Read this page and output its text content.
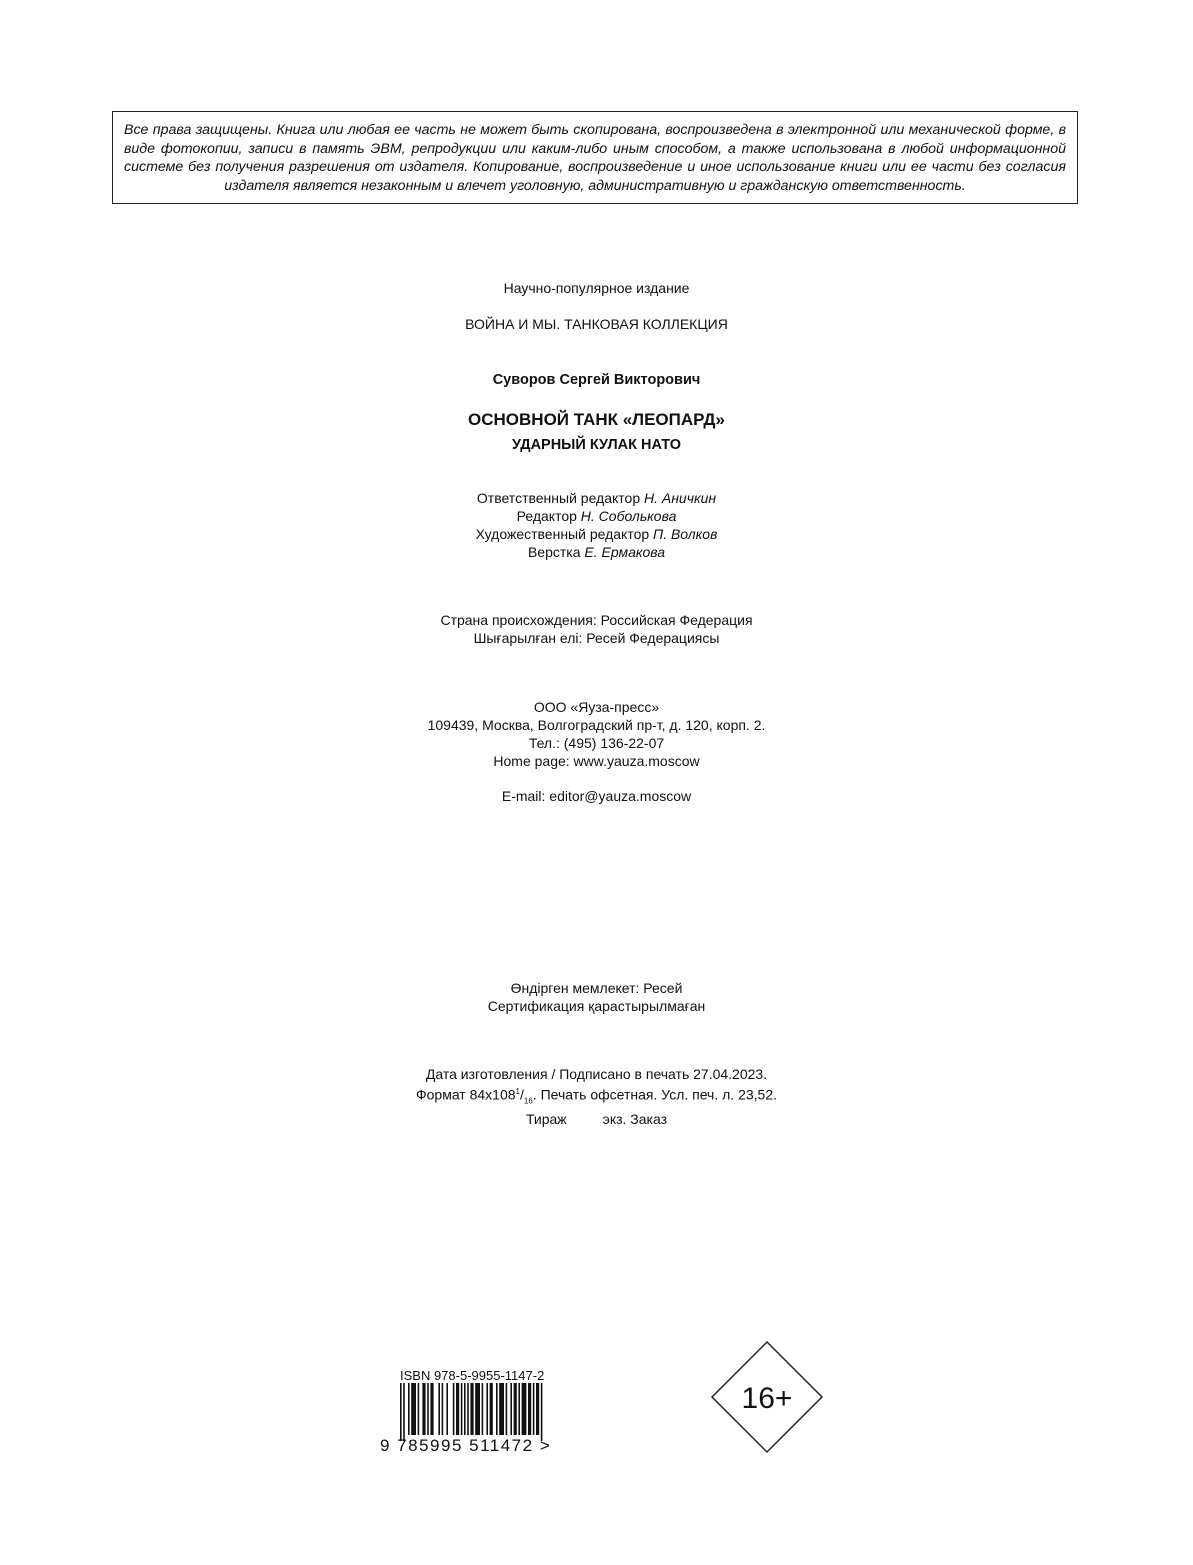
Все права защищены. Книга или любая ее часть не может быть скопирована, воспроизведена в электронной или механической форме, в виде фотокопии, записи в память ЭВМ, репродукции или каким-либо иным способом, а также использована в любой информационной системе без получения разрешения от издателя. Копирование, воспроизведение и иное использование книги или ее части без согласия издателя является незаконным и влечет уголовную, административную и гражданскую ответственность.

Научно-популярное издание
ВОЙНА И МЫ. ТАНКОВАЯ КОЛЛЕКЦИЯ
Суворов Сергей Викторович
ОСНОВНОЙ ТАНК «ЛЕОПАРД»
УДАРНЫЙ КУЛАК НАТО
Ответственный редактор Н. Аничкин
Редактор Н. Соболькова
Художественный редактор П. Волков
Верстка Е. Ермакова
Страна происхождения: Российская Федерация
Шығарылған елі: Ресей Федерациясы
ООО «Яуза-пресс»
109439, Москва, Волгоградский пр-т, д. 120, корп. 2.
Тел.: (495) 136-22-07
Home page: www.yauza.moscow
E-mail: editor@yauza.moscow
Өндірген мемлекет: Ресей
Сертификация қарастырылмаған
Дата изготовления / Подписано в печать 27.04.2023.
Формат $84х108^1/_{16}$. Печать офсетная. Усл. печ. л. 23,52.
Тираж	экз. Заказ
ISBN 978-5-9955-1147-2
9 785995 511472 >
16+
